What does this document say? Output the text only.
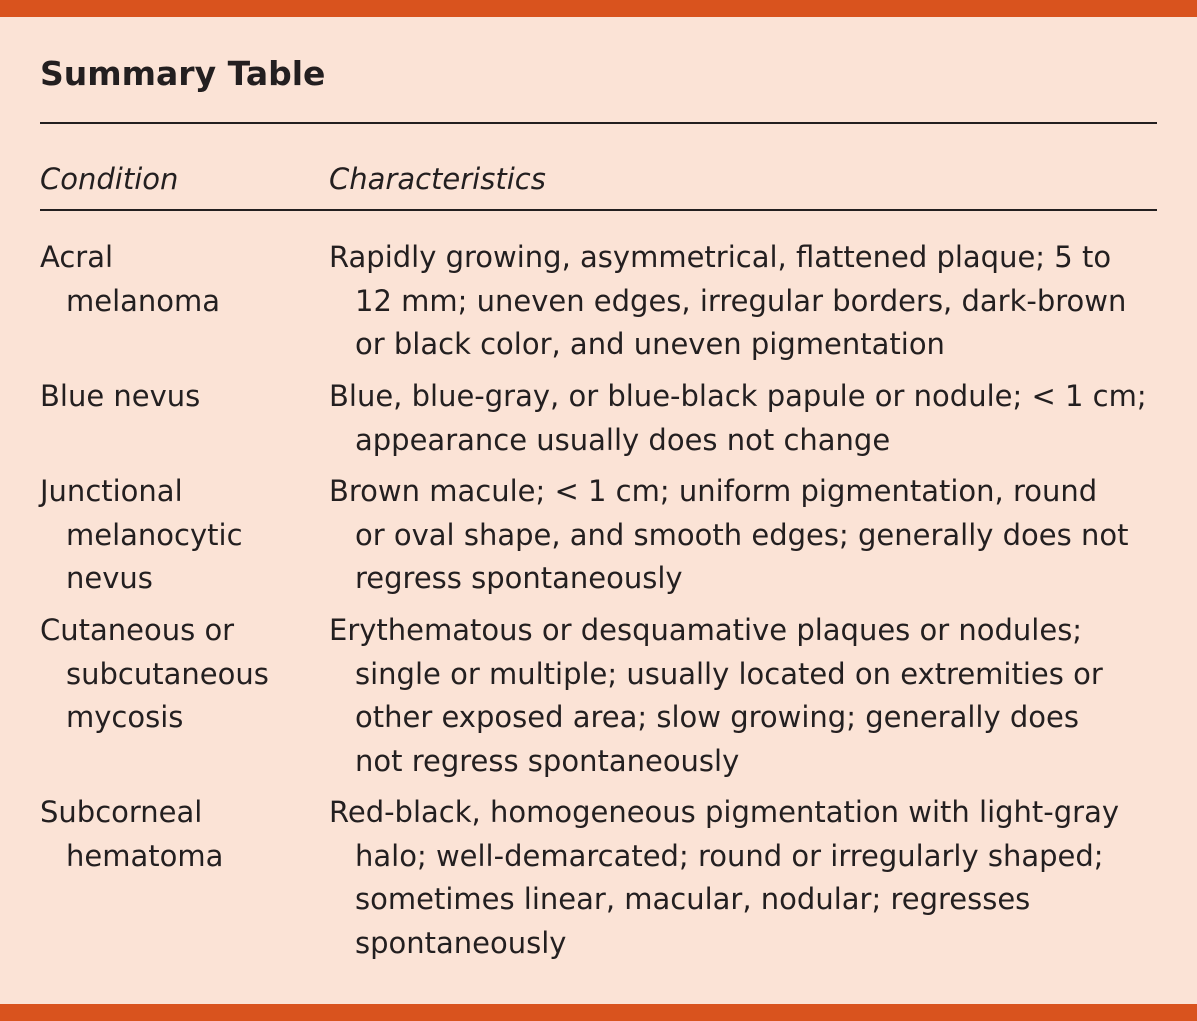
Summary Table
Condition	Characteristics
Acral
melanoma
Rapidly growing, asymmetrical, flattened plaque; 5 to
12 mm; uneven edges, irregular borders, dark-brown
or black color, and uneven pigmentation
Blue nevus	Blue, blue-gray, or blue-black papule or nodule; < 1 cm;
appearance usually does not change
Junctional
melanocytic
nevus
Brown macule; < 1 cm; uniform pigmentation, round
or oval shape, and smooth edges; generally does not
regress spontaneously
Cutaneous or
subcutaneous
mycosis
Erythematous or desquamative plaques or nodules;
single or multiple; usually located on extremities or
other exposed area; slow growing; generally does
not regress spontaneously
Subcorneal
hematoma
Red-black, homogeneous pigmentation with light-gray
halo; well-demarcated; round or irregularly shaped;
sometimes linear, macular, nodular; regresses
spontaneously
